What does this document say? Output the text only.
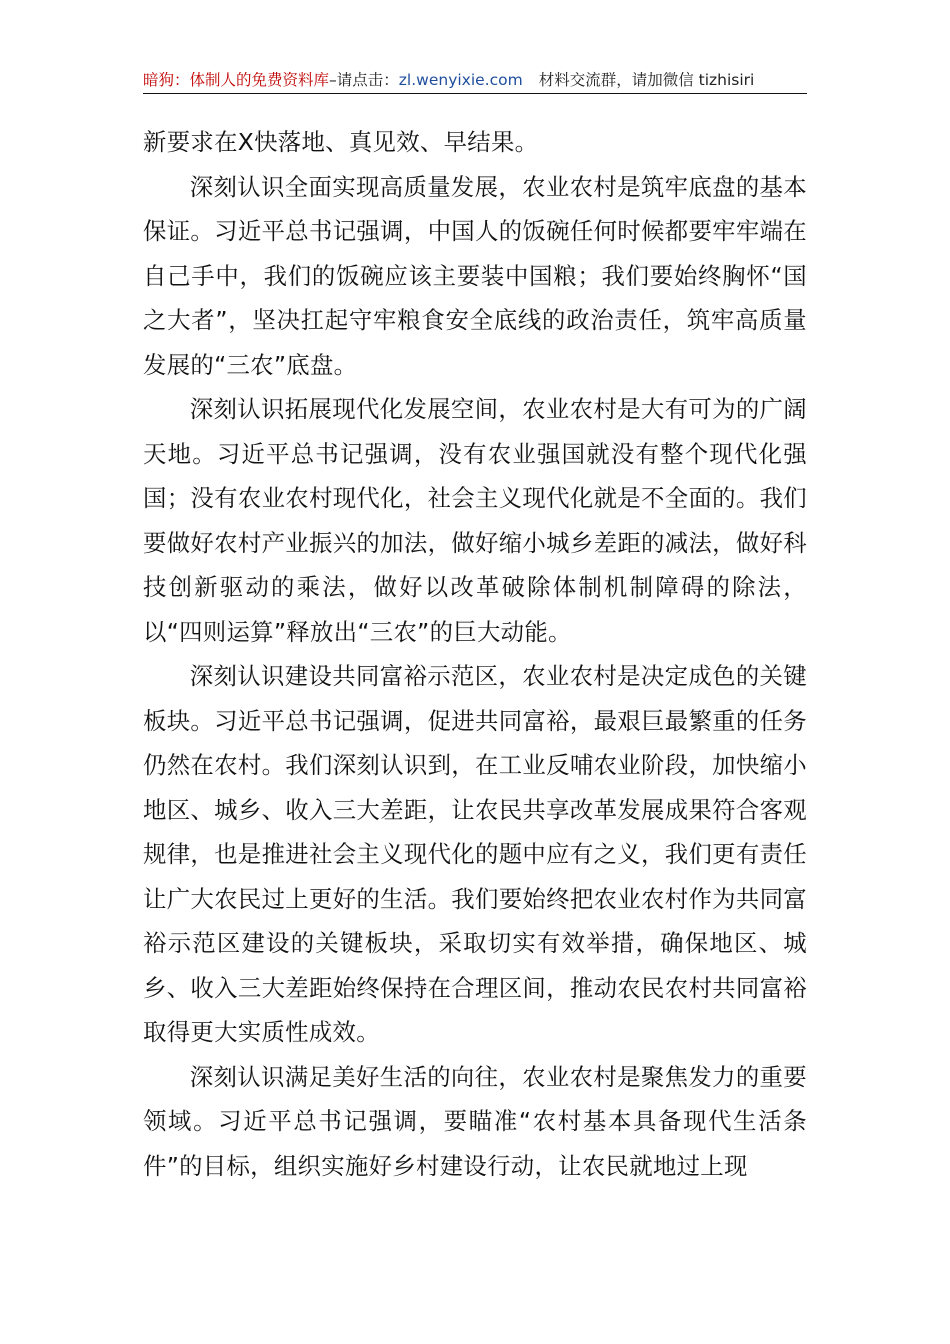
暗狗：体制人的免费资料库–请点击：zl.wenyixie.com 材料交流群，请加微信 tizhisiri

新要求在X快落地、真见效、早结果。

深刻认识全面实现高质量发展，农业农村是筑牢底盘的基本保证。习近平总书记强调，中国人的饭碗任何时候都要牢牢端在自己手中，我们的饭碗应该主要装中国粮；我们要始终胸怀“国之大者”，坚决扛起守牢粮食安全底线的政治责任，筑牢高质量发展的“三农”底盘。

深刻认识拓展现代化发展空间，农业农村是大有可为的广阔天地。习近平总书记强调，没有农业强国就没有整个现代化强国；没有农业农村现代化，社会主义现代化就是不全面的。我们要做好农村产业振兴的加法，做好缩小城乡差距的减法，做好科技创新驱动的乘法，做好以改革破除体制机制障碍的除法，以“四则运算”释放出“三农”的巨大动能。

深刻认识建设共同富裕示范区，农业农村是决定成色的关键板块。习近平总书记强调，促进共同富裕，最艰巨最繁重的任务仍然在农村。我们深刻认识到，在工业反哺农业阶段，加快缩小地区、城乡、收入三大差距，让农民共享改革发展成果符合客观规律，也是推进社会主义现代化的题中应有之义，我们更有责任让广大农民过上更好的生活。我们要始终把农业农村作为共同富裕示范区建设的关键板块，采取切实有效举措，确保地区、城乡、收入三大差距始终保持在合理区间，推动农民农村共同富裕取得更大实质性成效。

深刻认识满足美好生活的向往，农业农村是聚焦发力的重要领域。习近平总书记强调，要瞄准“农村基本具备现代生活条件”的目标，组织实施好乡村建设行动，让农民就地过上现
